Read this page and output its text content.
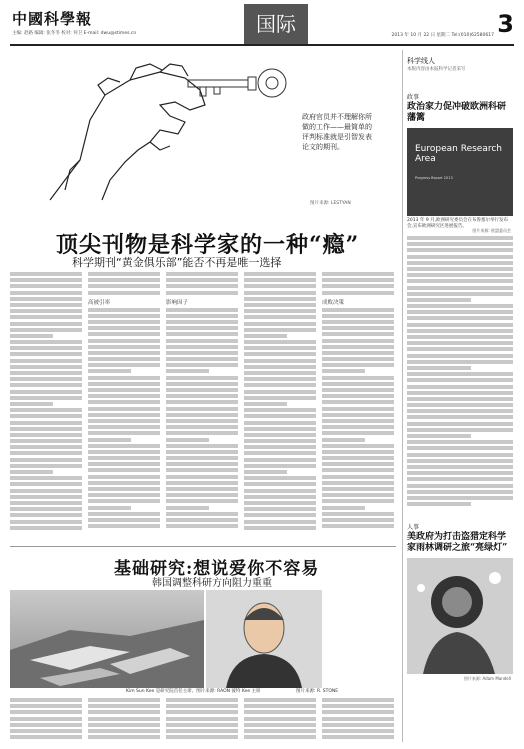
中國科學報
主编: 赵路 编辑: 张冬冬 校对: 何卫 E-mail: dwu@stimes.cn	国际	2013 年 10 月 22 日 星期二 Tel:(010)62580617 3
政府官员并不理解你所做的工作——最简单的评判标准就是引智发表论文的期刊。
图片来源: LESTYAN
顶尖刊物是科学家的一种“瘾”
科学期刊“黄金俱乐部”能否不再是唯一选择
高被引率	影响因子	成败决策
基础研究:想说爱你不容易
韩国调整科研方向阻力重重
Kim Sun Kee 是研究院首任主席。图片来源: RAON 彼特 Kee 主席	图片来源: R. STONE
科学线人
本版内容由本报科学记者采写
政事
政治家力促冲破欧洲科研藩篱
European Research Area
Progress Report 2013
2013 年 9 月,欧洲研究委员会在布鲁塞尔举行发布会,宣布欧洲研究区进展报告。
图片来源: 欧盟委员会
人事
美政府为打击盗猎定科学家雨林调研之旅“亮绿灯”
图片来源: Adam Mandell
